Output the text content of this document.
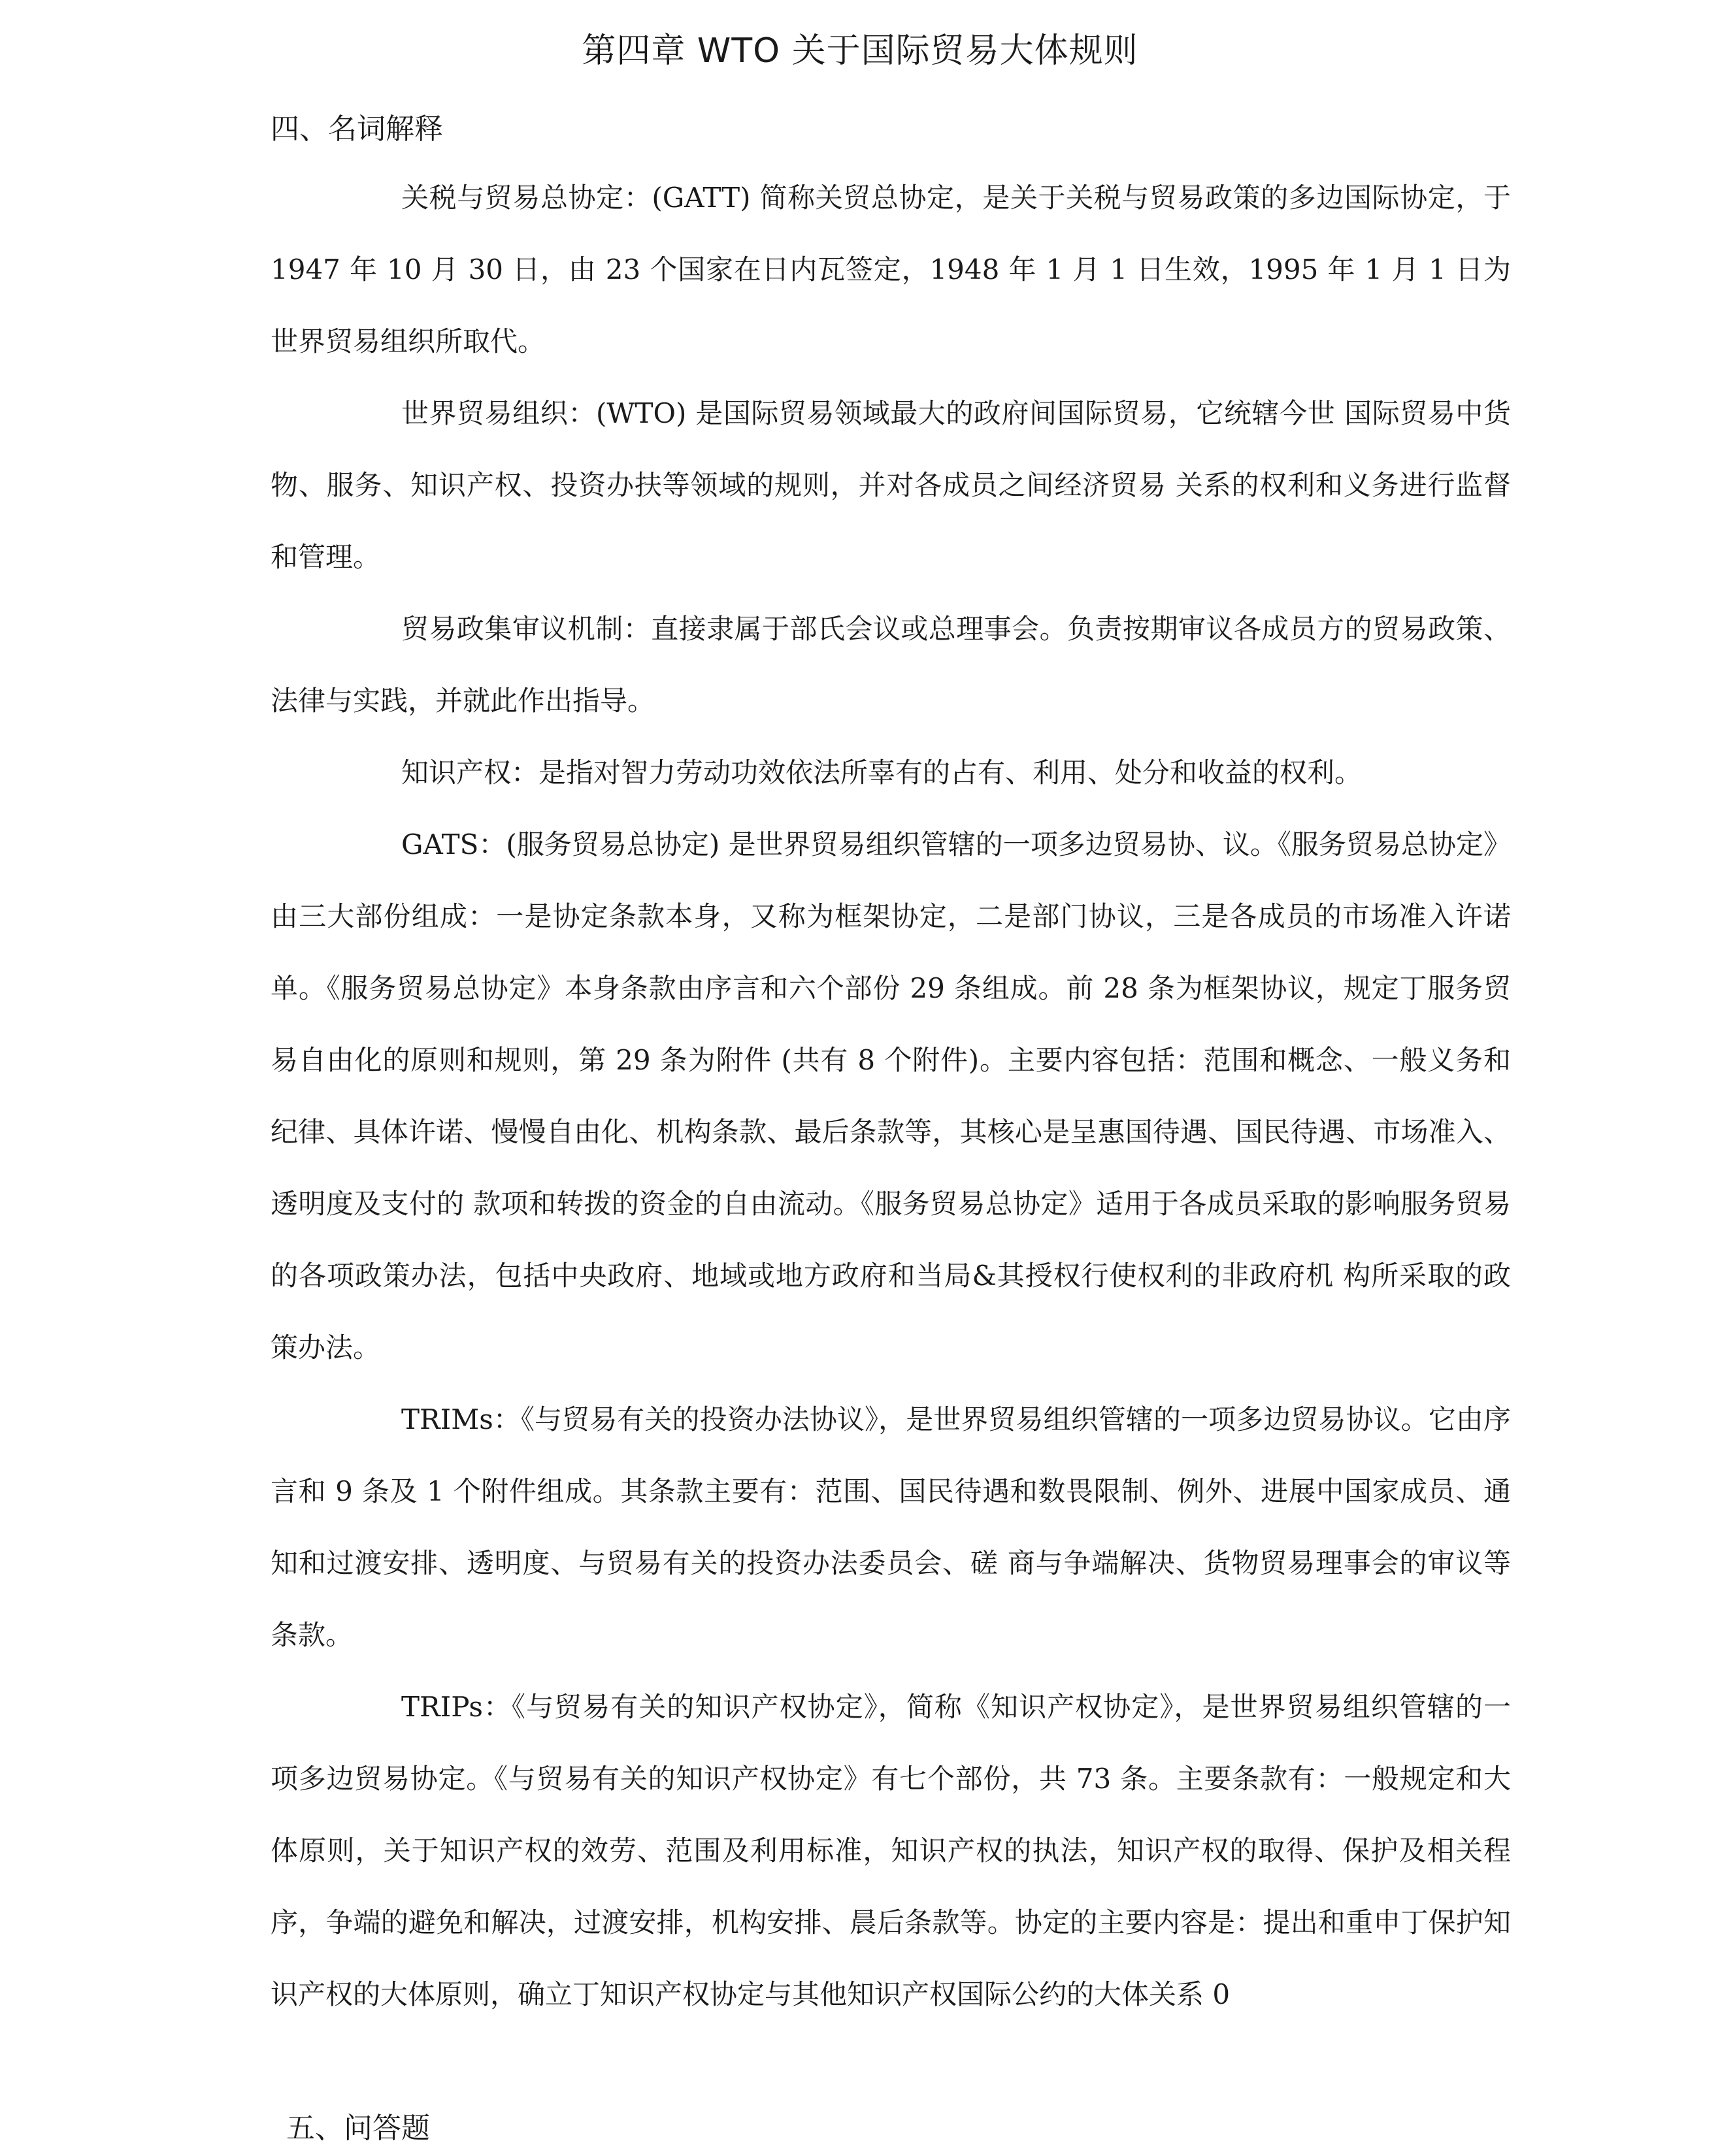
第四章 WTO 关于国际贸易大体规则
四、名词解释

关税与贸易总协定：(GATT) 简称关贸总协定，是关于关税与贸易政策的多边国际协定，于 1947 年 10 月 30 日，由 23 个国家在日内瓦签定，1948 年 1 月 1 日生效，1995 年 1 月 1 日为世界贸易组织所取代。

世界贸易组织：(WTO) 是国际贸易领域最大的政府间国际贸易，它统辖今世 国际贸易中货物、服务、知识产权、投资办扶等领域的规则，并对各成员之间经济贸易 关系的权利和义务进行监督和管理。

贸易政集审议机制：直接隶属于部氏会议或总理事会。负责按期审议各成员方的贸易政策、法律与实践，并就此作出指导。

知识产权：是指对智力劳动功效依法所辜有的占有、利用、处分和收益的权利。

GATS：(服务贸易总协定) 是世界贸易组织管辖的一项多边贸易协、议。《服务贸易总协定》由三大部份组成：一是协定条款本身，又称为框架协定，二是部门协议，三是各成员的市场准入许诺单。《服务贸易总协定》本身条款由序言和六个部份 29 条组成。前 28 条为框架协议，规定丁服务贸易自由化的原则和规则，第 29 条为附件 (共有 8 个附件)。主要内容包括：范围和概念、一般义务和纪律、具体许诺、慢慢自由化、机构条款、最后条款等，其核心是呈惠国待遇、国民待遇、市场准入、透明度及支付的 款项和转拨的资金的自由流动。《服务贸易总协定》适用于各成员采取的影响服务贸易 的各项政策办法，包括中央政府、地域或地方政府和当局&其授权行使权利的非政府机 构所采取的政策办法。

TRIMs：《与贸易有关的投资办法协议》，是世界贸易组织管辖的一项多边贸易协议。它由序言和 9 条及 1 个附件组成。其条款主要有：范围、国民待遇和数畏限制、例外、进展中国家成员、通知和过渡安排、透明度、与贸易有关的投资办法委员会、磋 商与争端解决、货物贸易理事会的审议等条款。

TRIPs：《与贸易有关的知识产权协定》，简称《知识产权协定》，是世界贸易组织管辖的一项多边贸易协定。《与贸易有关的知识产权协定》有七个部份，共 73 条。主要条款有：一般规定和大体原则，关于知识产权的效劳、范围及利用标准，知识产权的执法，知识产权的取得、保护及相关程序，争端的避免和解决，过渡安排，机构安排、晨后条款等。协定的主要内容是：提出和重申丁保护知识产权的大体原则，确立丁知识产权协定与其他知识产权国际公约的大体关系 0

五、问答题
